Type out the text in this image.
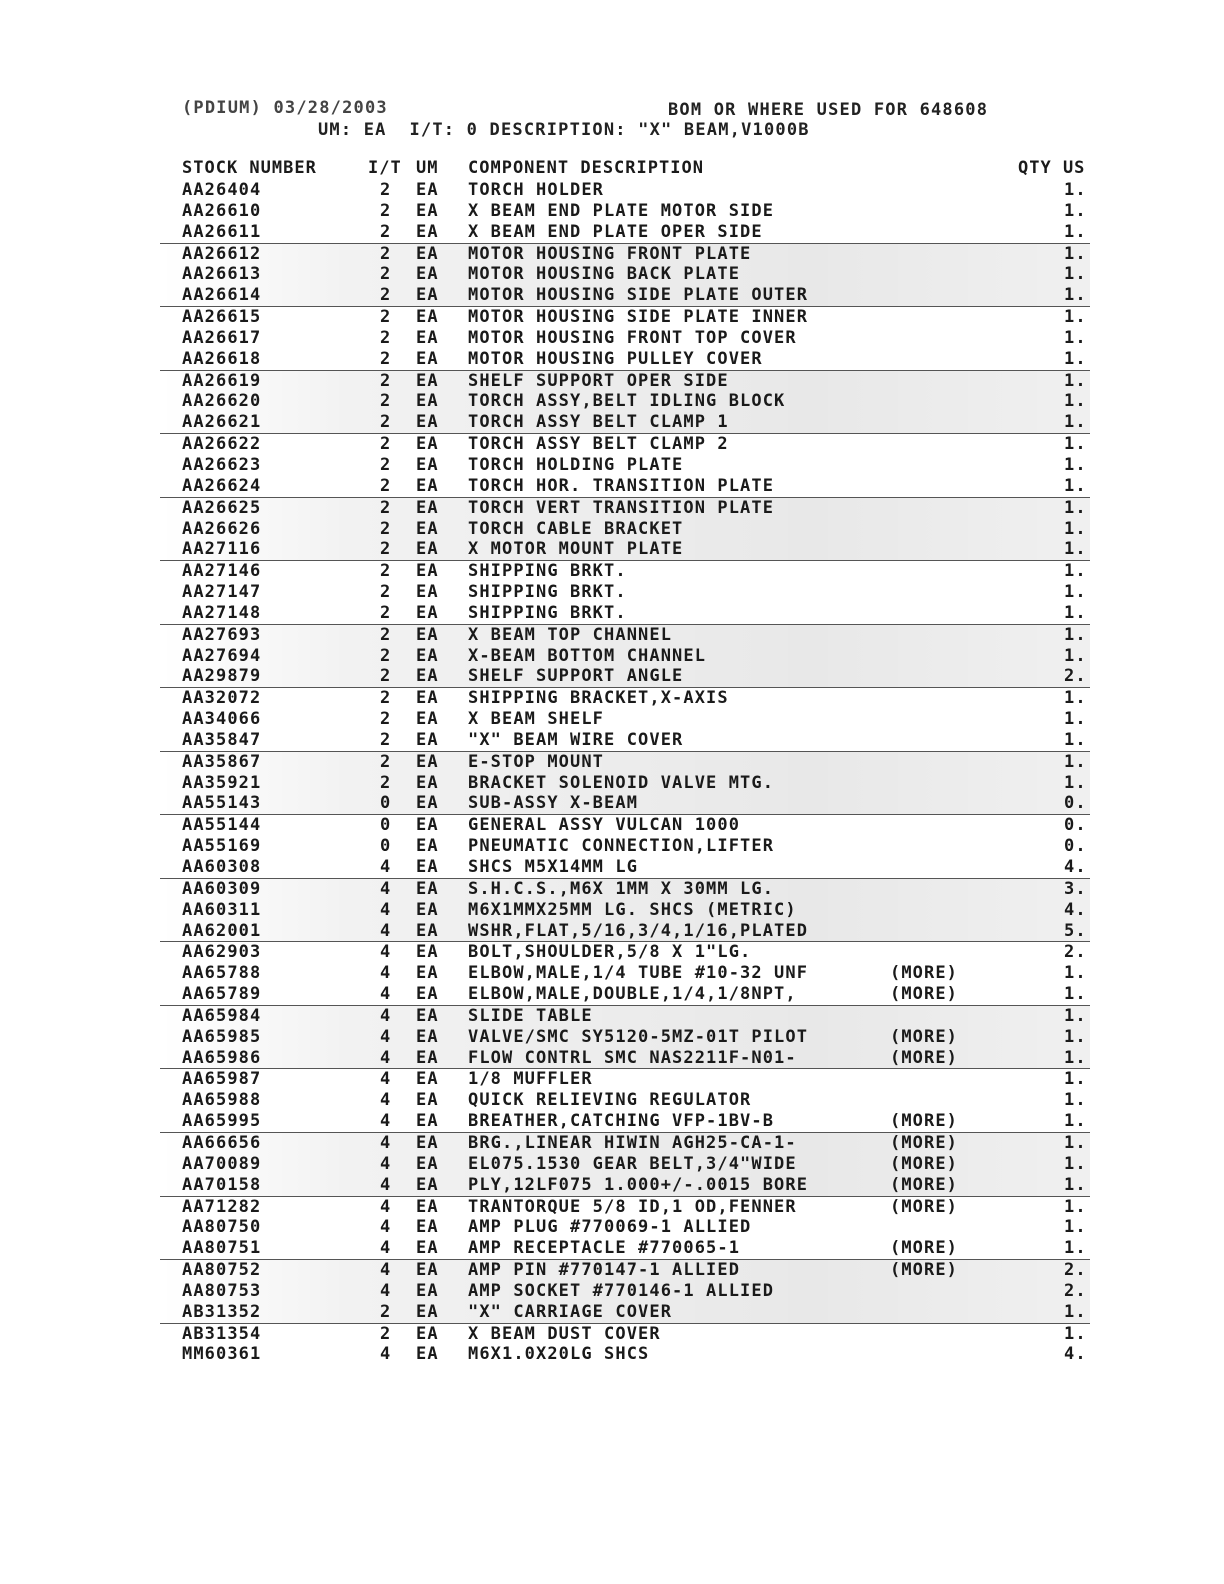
(PDIUM) 03/28/2003	BOM OR WHERE USED FOR 648608
UM: EA  I/T: 0 DESCRIPTION: "X" BEAM,V1000B
STOCK NUMBER	I/T UM COMPONENT DESCRIPTION	QTY US
AA26404	2 EA TORCH HOLDER	1.
AA26610	2 EA X BEAM END PLATE MOTOR SIDE	1.
AA26611	2 EA X BEAM END PLATE OPER SIDE	1.
AA26612	2 EA MOTOR HOUSING FRONT PLATE	1.
AA26613	2 EA MOTOR HOUSING BACK PLATE	1.
AA26614	2 EA MOTOR HOUSING SIDE PLATE OUTER	1.
AA26615	2 EA MOTOR HOUSING SIDE PLATE INNER	1.
AA26617	2 EA MOTOR HOUSING FRONT TOP COVER	1.
AA26618	2 EA MOTOR HOUSING PULLEY COVER	1.
AA26619	2 EA SHELF SUPPORT OPER SIDE	1.
AA26620	2 EA TORCH ASSY,BELT IDLING BLOCK	1.
AA26621	2 EA TORCH ASSY BELT CLAMP 1	1.
AA26622	2 EA TORCH ASSY BELT CLAMP 2	1.
AA26623	2 EA TORCH HOLDING PLATE	1.
AA26624	2 EA TORCH HOR. TRANSITION PLATE	1.
AA26625	2 EA TORCH VERT TRANSITION PLATE	1.
AA26626	2 EA TORCH CABLE BRACKET	1.
AA27116	2 EA X MOTOR MOUNT PLATE	1.
AA27146	2 EA SHIPPING BRKT.	1.
AA27147	2 EA SHIPPING BRKT.	1.
AA27148	2 EA SHIPPING BRKT.	1.
AA27693	2 EA X BEAM TOP CHANNEL	1.
AA27694	2 EA X-BEAM BOTTOM CHANNEL	1.
AA29879	2 EA SHELF SUPPORT ANGLE	2.
AA32072	2 EA SHIPPING BRACKET,X-AXIS	1.
AA34066	2 EA X BEAM SHELF	1.
AA35847	2 EA "X" BEAM WIRE COVER	1.
AA35867	2 EA E-STOP MOUNT	1.
AA35921	2 EA BRACKET SOLENOID VALVE MTG.	1.
AA55143	0 EA SUB-ASSY X-BEAM	0.
AA55144	0 EA GENERAL ASSY VULCAN 1000	0.
AA55169	0 EA PNEUMATIC CONNECTION,LIFTER	0.
AA60308	4 EA SHCS M5X14MM LG	4.
AA60309	4 EA S.H.C.S.,M6X 1MM X 30MM LG.	3.
AA60311	4 EA M6X1MMX25MM LG. SHCS (METRIC)	4.
AA62001	4 EA WSHR,FLAT,5/16,3/4,1/16,PLATED	5.
AA62903	4 EA BOLT,SHOULDER,5/8 X 1"LG.	2.
AA65788	4 EA ELBOW,MALE,1/4 TUBE #10-32 UNF	(MORE)	1.
AA65789	4 EA ELBOW,MALE,DOUBLE,1/4,1/8NPT,	(MORE)	1.
AA65984	4 EA SLIDE TABLE	1.
AA65985	4 EA VALVE/SMC SY5120-5MZ-01T PILOT	(MORE)	1.
AA65986	4 EA FLOW CONTRL SMC NAS2211F-N01-	(MORE)	1.
AA65987	4 EA 1/8 MUFFLER	1.
AA65988	4 EA QUICK RELIEVING REGULATOR	1.
AA65995	4 EA BREATHER,CATCHING VFP-1BV-B	(MORE)	1.
AA66656	4 EA BRG.,LINEAR HIWIN AGH25-CA-1-	(MORE)	1.
AA70089	4 EA EL075.1530 GEAR BELT,3/4"WIDE	(MORE)	1.
AA70158	4 EA PLY,12LF075 1.000+/-.0015 BORE	(MORE)	1.
AA71282	4 EA TRANTORQUE 5/8 ID,1 OD,FENNER	(MORE)	1.
AA80750	4 EA AMP PLUG #770069-1 ALLIED	1.
AA80751	4 EA AMP RECEPTACLE #770065-1	(MORE)	1.
AA80752	4 EA AMP PIN #770147-1 ALLIED	(MORE)	2.
AA80753	4 EA AMP SOCKET #770146-1 ALLIED	2.
AB31352	2 EA "X" CARRIAGE COVER	1.
AB31354	2 EA X BEAM DUST COVER	1.
MM60361	4 EA M6X1.0X20LG SHCS	4.
